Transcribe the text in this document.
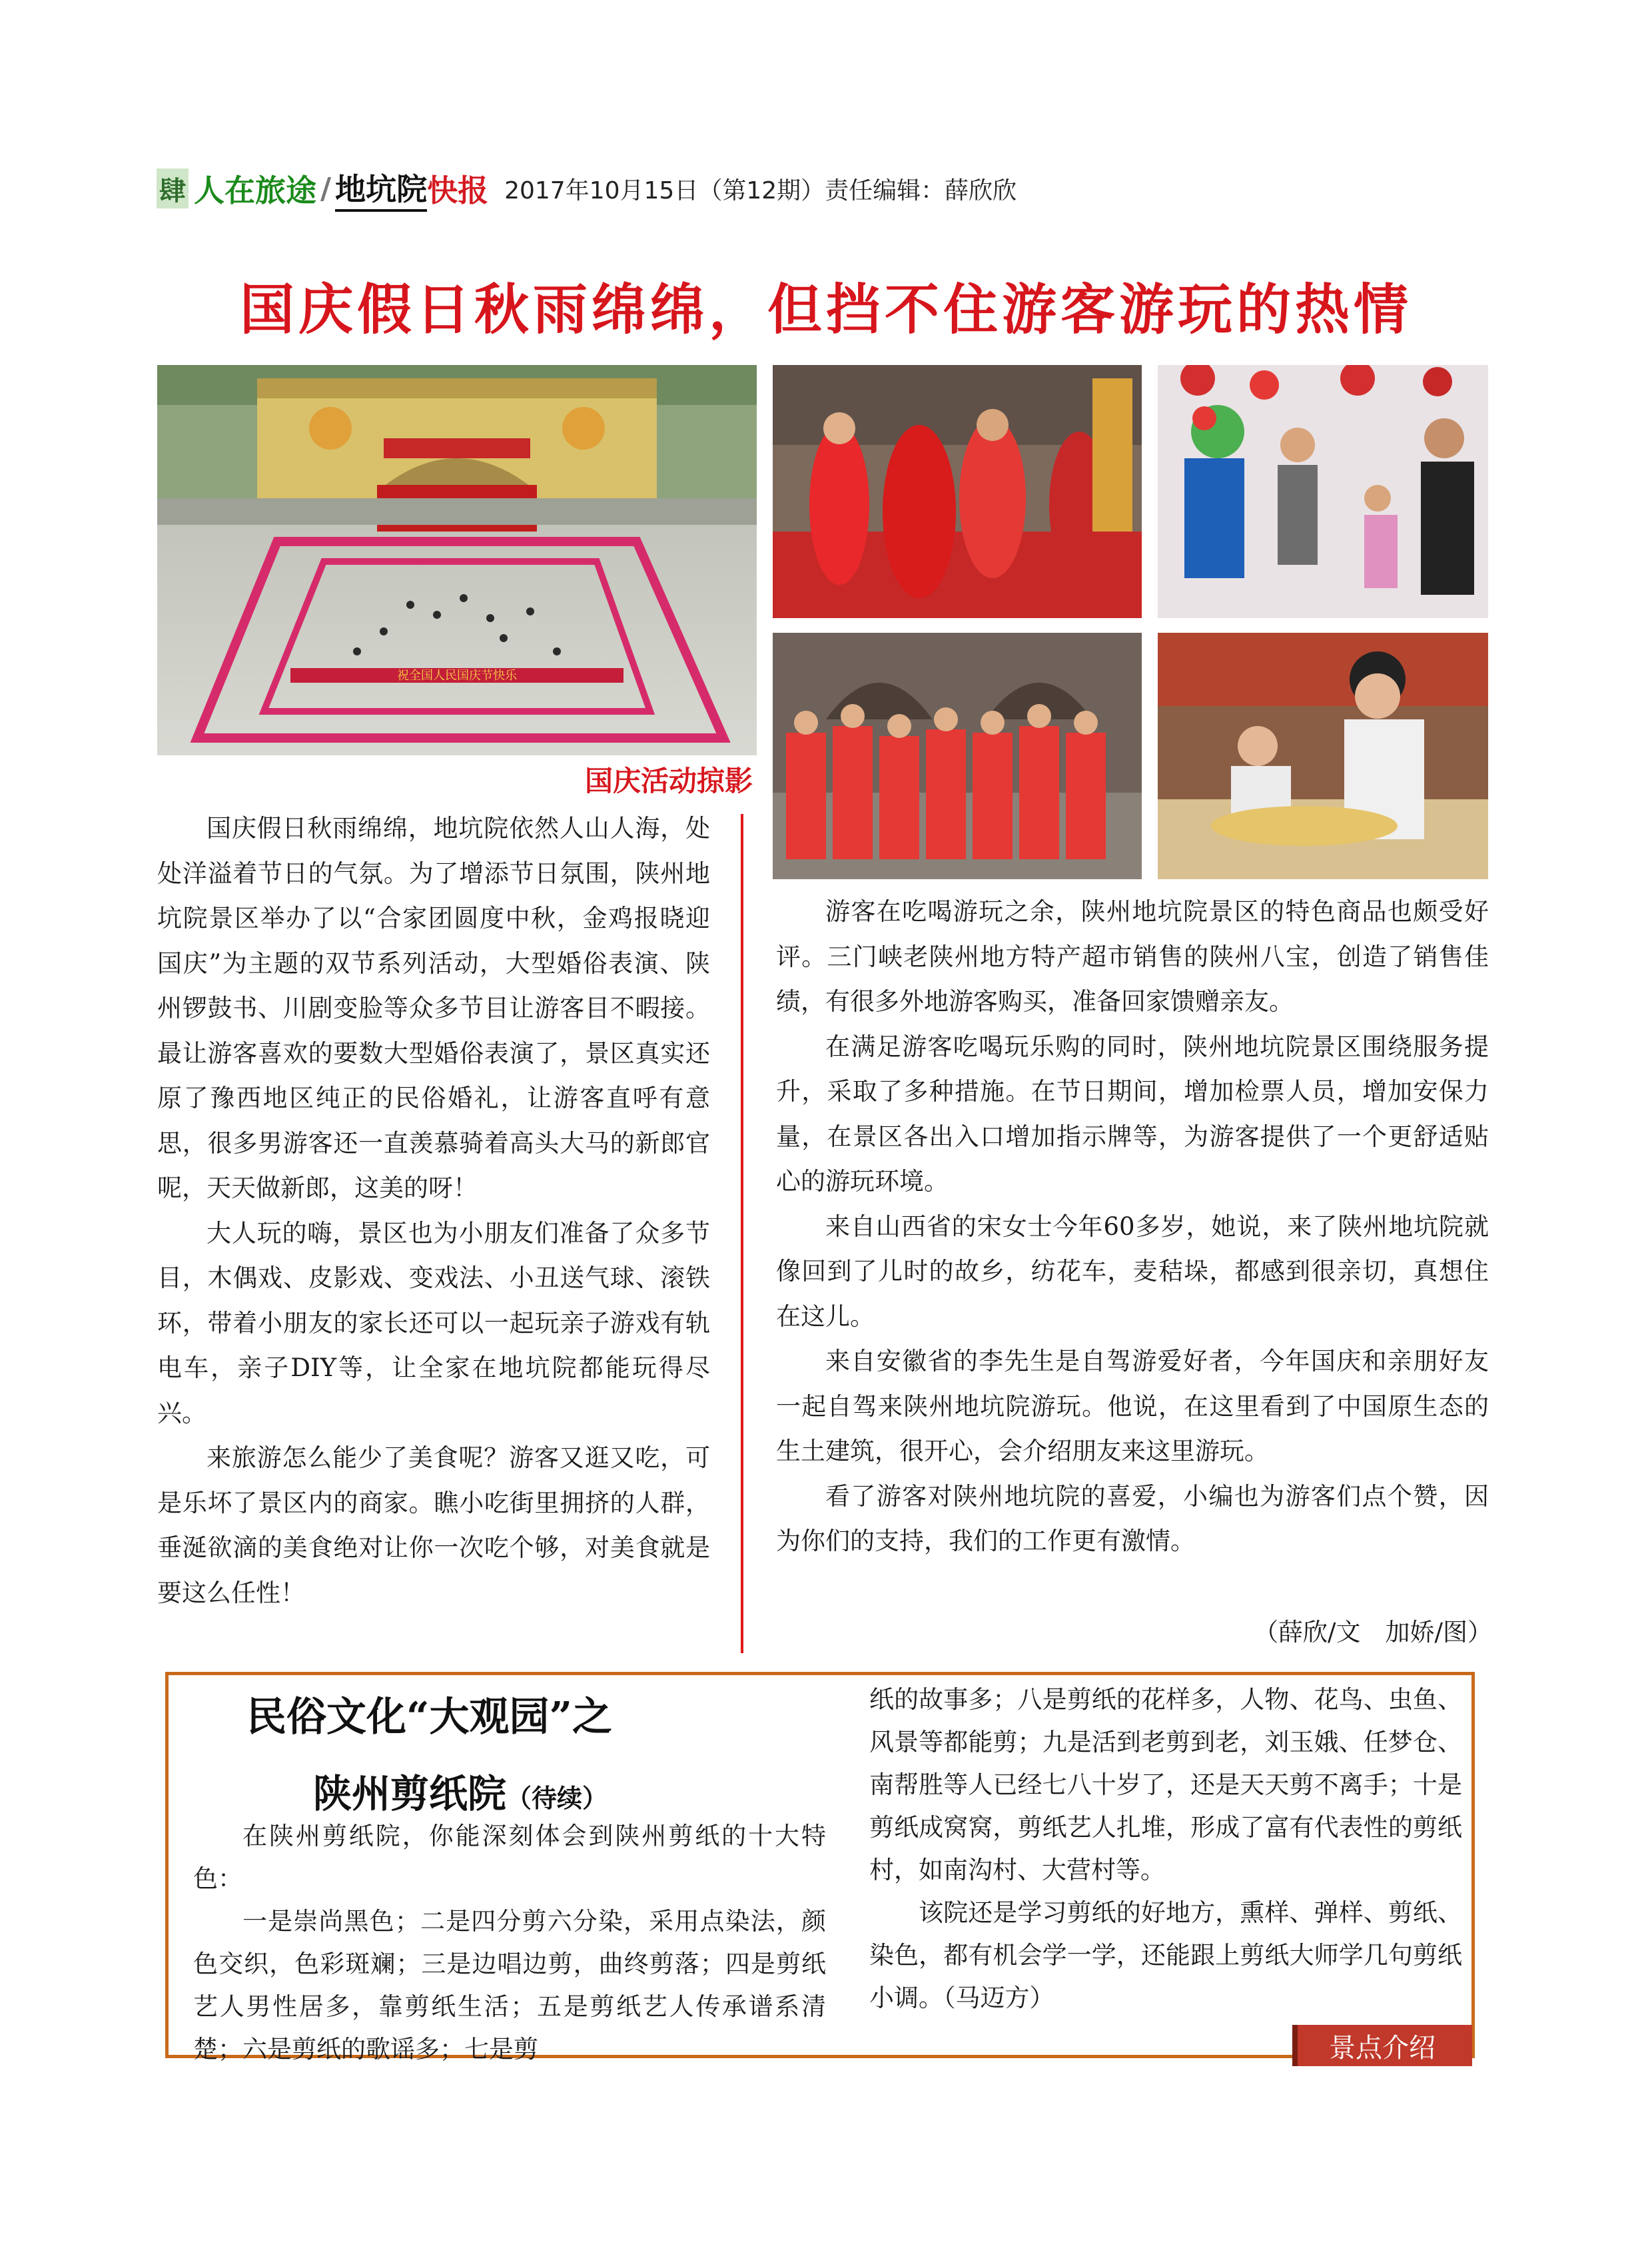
肆 人在旅途 / 地坑院 快报 2017年10月15日（第12期）责任编辑：薛欣欣
国庆假日秋雨绵绵，但挡不住游客游玩的热情
祝全国人民国庆节快乐
国庆活动掠影

国庆假日秋雨绵绵，地坑院依然人山人海，处处洋溢着节日的气氛。为了增添节日氛围，陕州地坑院景区举办了以“合家团圆度中秋，金鸡报晓迎国庆”为主题的双节系列活动，大型婚俗表演、陕州锣鼓书、川剧变脸等众多节目让游客目不暇接。最让游客喜欢的要数大型婚俗表演了，景区真实还原了豫西地区纯正的民俗婚礼，让游客直呼有意思，很多男游客还一直羡慕骑着高头大马的新郎官呢，天天做新郎，这美的呀！

大人玩的嗨，景区也为小朋友们准备了众多节目，木偶戏、皮影戏、变戏法、小丑送气球、滚铁环，带着小朋友的家长还可以一起玩亲子游戏有轨电车，亲子DIY等，让全家在地坑院都能玩得尽兴。

来旅游怎么能少了美食呢？游客又逛又吃，可是乐坏了景区内的商家。瞧小吃街里拥挤的人群，垂涎欲滴的美食绝对让你一次吃个够，对美食就是要这么任性！

游客在吃喝游玩之余，陕州地坑院景区的特色商品也颇受好评。三门峡老陕州地方特产超市销售的陕州八宝，创造了销售佳绩，有很多外地游客购买，准备回家馈赠亲友。

在满足游客吃喝玩乐购的同时，陕州地坑院景区围绕服务提升，采取了多种措施。在节日期间，增加检票人员，增加安保力量，在景区各出入口增加指示牌等，为游客提供了一个更舒适贴心的游玩环境。

来自山西省的宋女士今年60多岁，她说，来了陕州地坑院就像回到了儿时的故乡，纺花车，麦秸垛，都感到很亲切，真想住在这儿。

来自安徽省的李先生是自驾游爱好者，今年国庆和亲朋好友一起自驾来陕州地坑院游玩。他说，在这里看到了中国原生态的生土建筑，很开心，会介绍朋友来这里游玩。

看了游客对陕州地坑院的喜爱，小编也为游客们点个赞，因为你们的支持，我们的工作更有激情。

（薛欣/文　加娇/图）
民俗文化“大观园”之
陕州剪纸院（待续）

在陕州剪纸院，你能深刻体会到陕州剪纸的十大特色：

一是崇尚黑色；二是四分剪六分染，采用点染法，颜色交织，色彩斑斓；三是边唱边剪，曲终剪落；四是剪纸艺人男性居多，靠剪纸生活；五是剪纸艺人传承谱系清楚；六是剪纸的歌谣多；七是剪

纸的故事多；八是剪纸的花样多，人物、花鸟、虫鱼、风景等都能剪；九是活到老剪到老，刘玉娥、任梦仓、南帮胜等人已经七八十岁了，还是天天剪不离手；十是剪纸成窝窝，剪纸艺人扎堆，形成了富有代表性的剪纸村，如南沟村、大营村等。

该院还是学习剪纸的好地方，熏样、弹样、剪纸、染色，都有机会学一学，还能跟上剪纸大师学几句剪纸小调。（马迈方）

景点介绍
